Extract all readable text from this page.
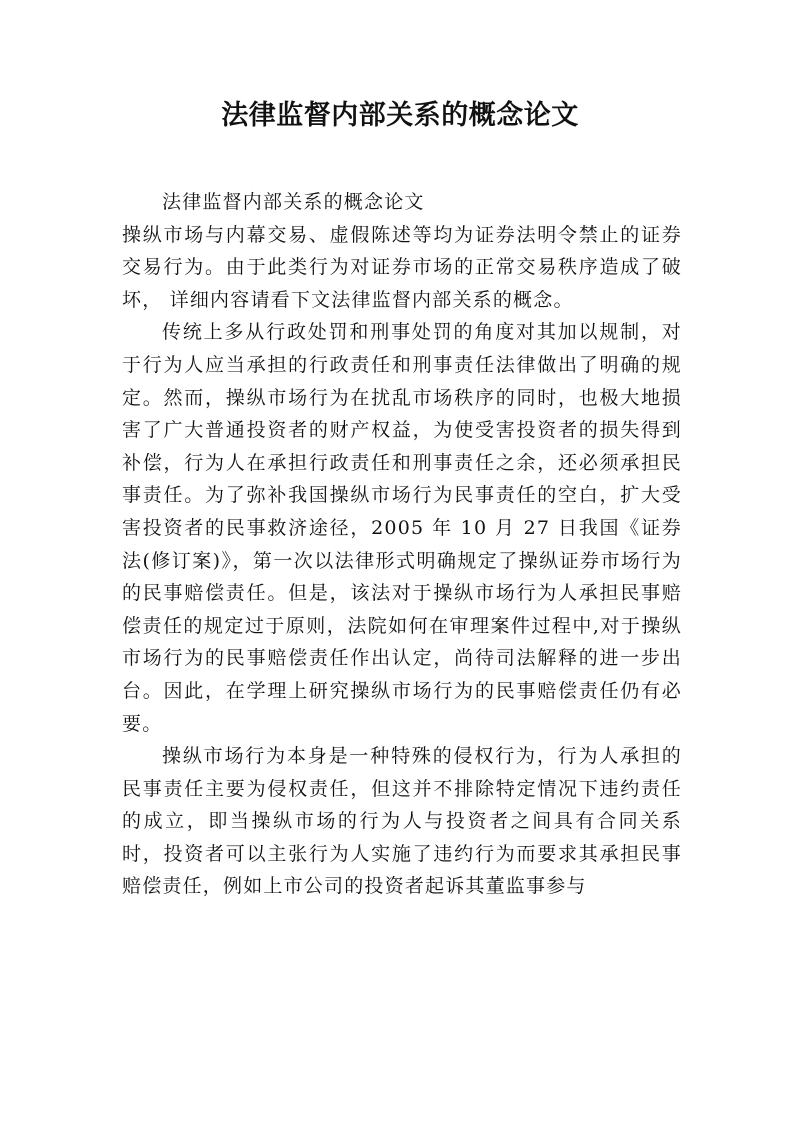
法律监督内部关系的概念论文

法律监督内部关系的概念论文

操纵市场与内幕交易、虚假陈述等均为证券法明令禁止的证券交易行为。由于此类行为对证券市场的正常交易秩序造成了破坏， 详细内容请看下文法律监督内部关系的概念。

传统上多从行政处罚和刑事处罚的角度对其加以规制，对于行为人应当承担的行政责任和刑事责任法律做出了明确的规定。然而，操纵市场行为在扰乱市场秩序的同时，也极大地损害了广大普通投资者的财产权益，为使受害投资者的损失得到补偿，行为人在承担行政责任和刑事责任之余，还必须承担民事责任。为了弥补我国操纵市场行为民事责任的空白，扩大受害投资者的民事救济途径，2005 年 10 月 27 日我国《证券法(修订案)》，第一次以法律形式明确规定了操纵证券市场行为的民事赔偿责任。但是，该法对于操纵市场行为人承担民事赔偿责任的规定过于原则，法院如何在审理案件过程中,对于操纵市场行为的民事赔偿责任作出认定，尚待司法解释的进一步出台。因此，在学理上研究操纵市场行为的民事赔偿责任仍有必要。

操纵市场行为本身是一种特殊的侵权行为，行为人承担的民事责任主要为侵权责任，但这并不排除特定情况下违约责任的成立，即当操纵市场的行为人与投资者之间具有合同关系时，投资者可以主张行为人实施了违约行为而要求其承担民事赔偿责任，例如上市公司的投资者起诉其董监事参与
